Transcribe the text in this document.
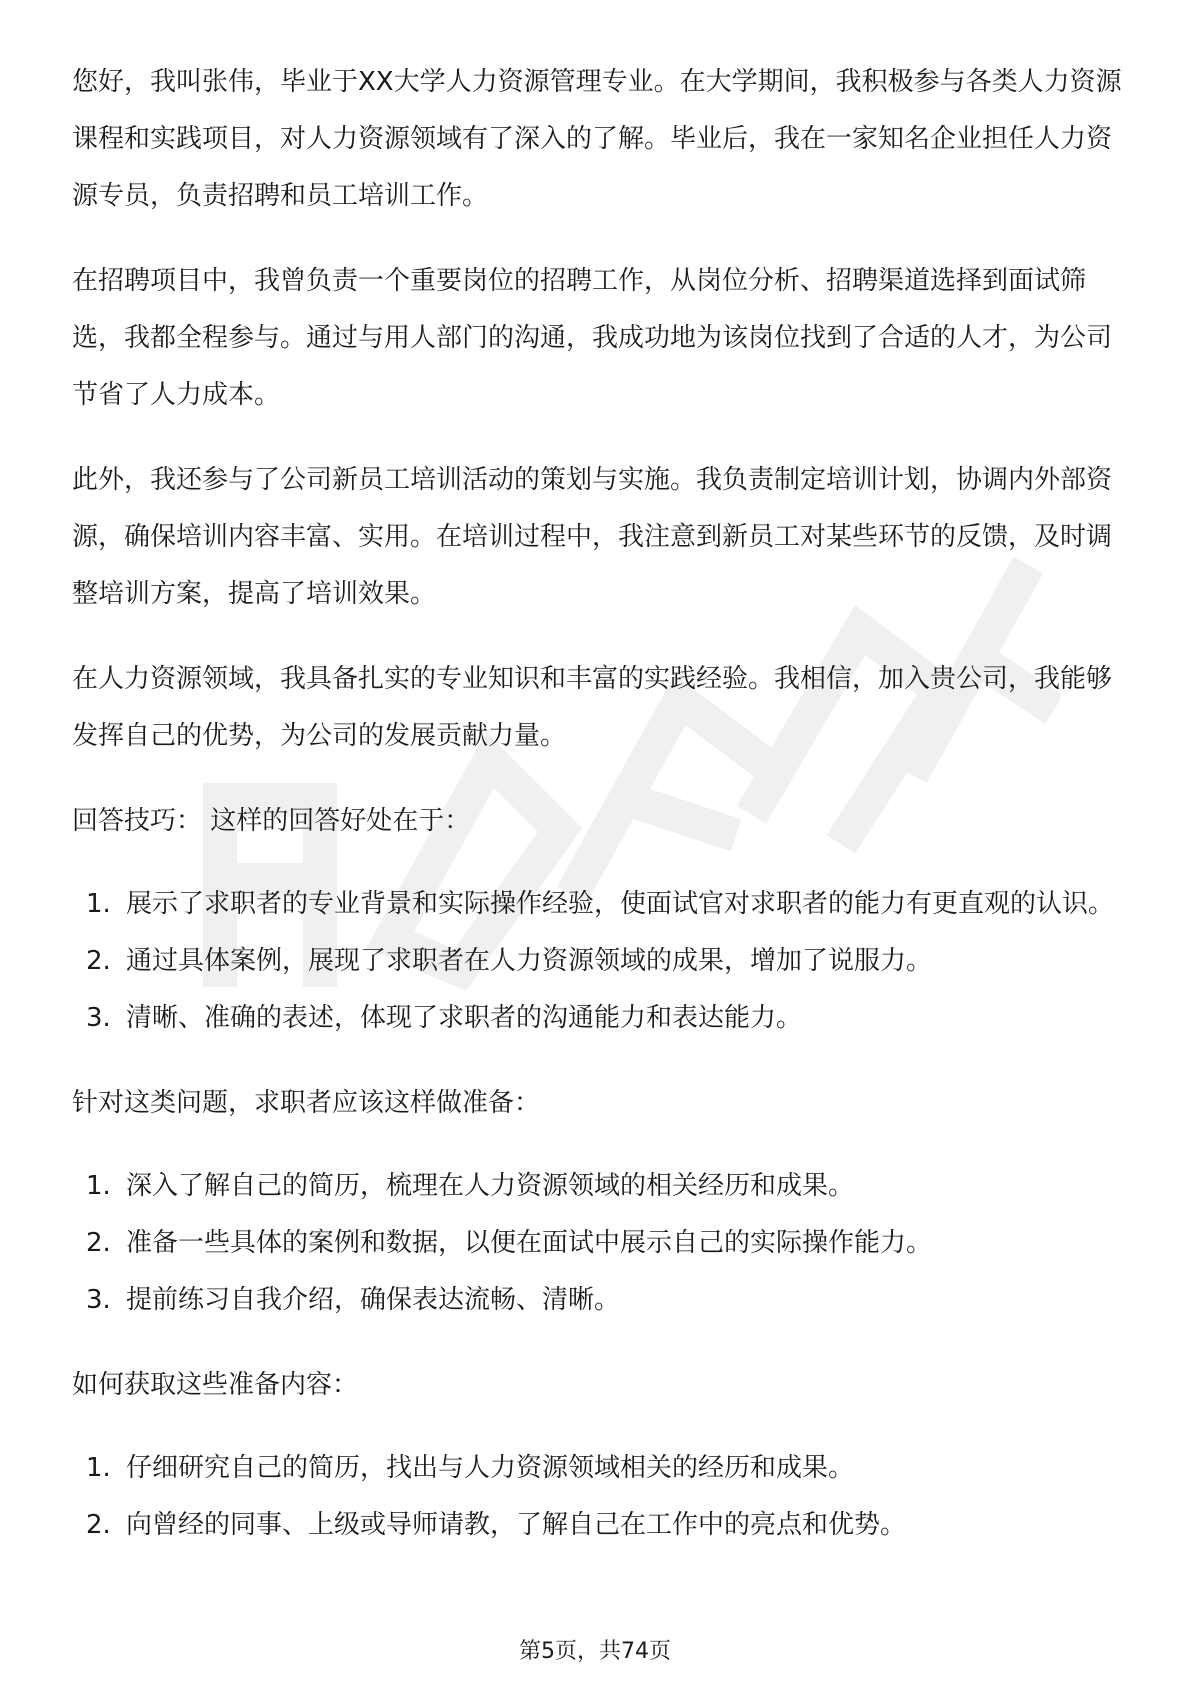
您好，我叫张伟，毕业于XX大学人力资源管理专业。在大学期间，我积极参与各类人力资源课程和实践项目，对人力资源领域有了深入的了解。毕业后，我在一家知名企业担任人力资源专员，负责招聘和员工培训工作。

在招聘项目中，我曾负责一个重要岗位的招聘工作，从岗位分析、招聘渠道选择到面试筛选，我都全程参与。通过与用人部门的沟通，我成功地为该岗位找到了合适的人才，为公司节省了人力成本。

此外，我还参与了公司新员工培训活动的策划与实施。我负责制定培训计划，协调内外部资源，确保培训内容丰富、实用。在培训过程中，我注意到新员工对某些环节的反馈，及时调整培训方案，提高了培训效果。

在人力资源领域，我具备扎实的专业知识和丰富的实践经验。我相信，加入贵公司，我能够发挥自己的优势，为公司的发展贡献力量。

回答技巧： 这样的回答好处在于：

1. 展示了求职者的专业背景和实际操作经验，使面试官对求职者的能力有更直观的认识。
2. 通过具体案例，展现了求职者在人力资源领域的成果，增加了说服力。
3. 清晰、准确的表述，体现了求职者的沟通能力和表达能力。

针对这类问题，求职者应该这样做准备：

1. 深入了解自己的简历，梳理在人力资源领域的相关经历和成果。
2. 准备一些具体的案例和数据，以便在面试中展示自己的实际操作能力。
3. 提前练习自我介绍，确保表达流畅、清晰。

如何获取这些准备内容：

1. 仔细研究自己的简历，找出与人力资源领域相关的经历和成果。
2. 向曾经的同事、上级或导师请教，了解自己在工作中的亮点和优势。
第5页，共74页
